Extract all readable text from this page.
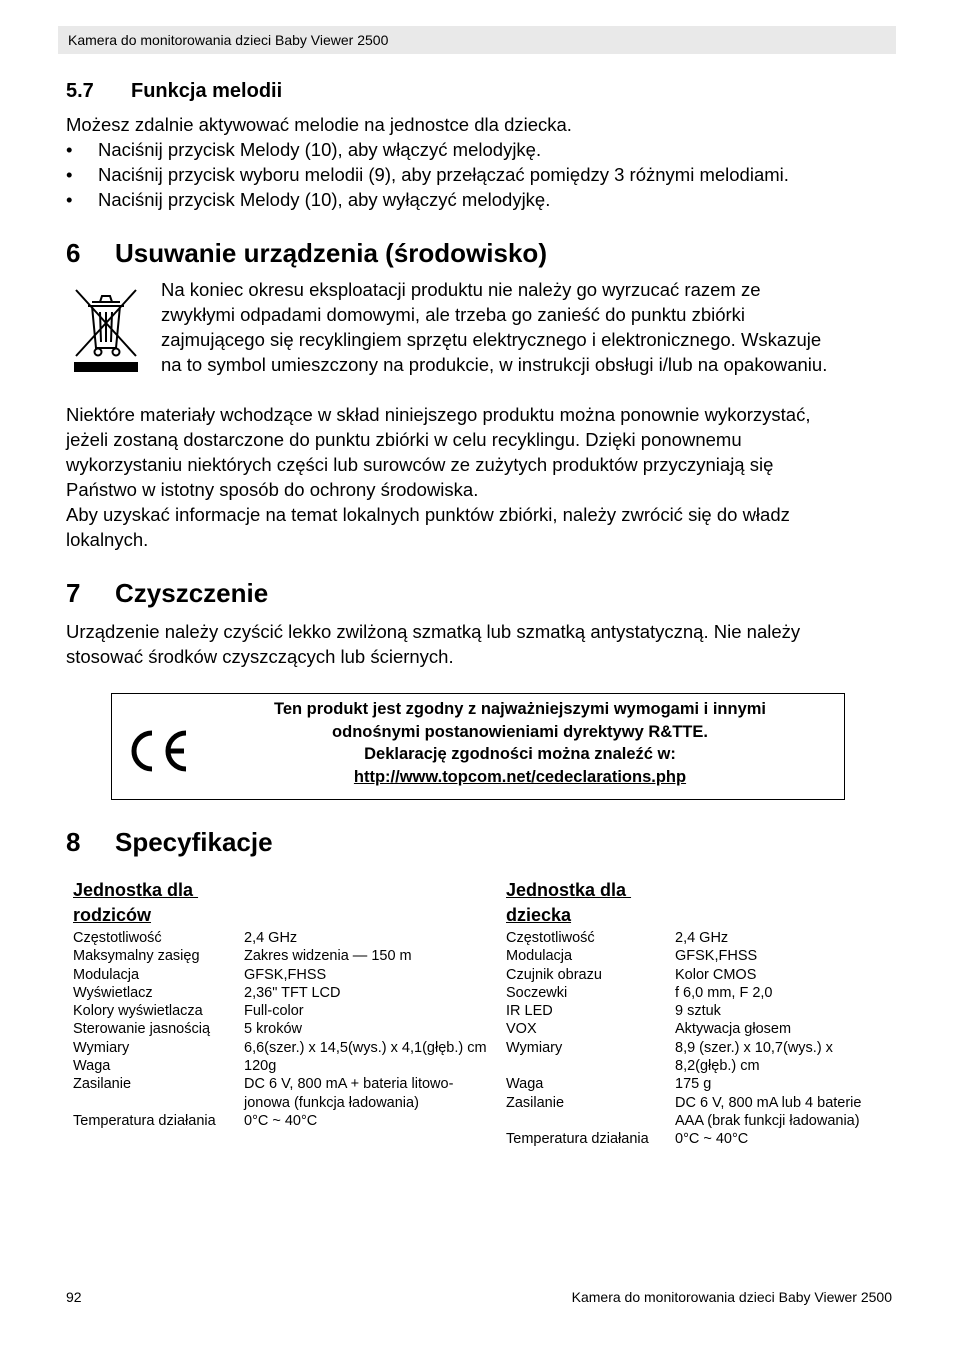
Kamera do monitorowania dzieci Baby Viewer 2500
5.7 Funkcja melodii
Możesz zdalnie aktywować melodie na jednostce dla dziecka.
• Naciśnij przycisk Melody (10), aby włączyć melodyjkę.
• Naciśnij przycisk wyboru melodii (9), aby przełączać pomiędzy 3 różnymi melodiami.
• Naciśnij przycisk Melody (10), aby wyłączyć melodyjkę.
6 Usuwanie urządzenia (środowisko)
Na koniec okresu eksploatacji produktu nie należy go wyrzucać razem ze
zwykłymi odpadami domowymi, ale trzeba go zanieść do punktu zbiórki
zajmującego się recyklingiem sprzętu elektrycznego i elektronicznego. Wskazuje
na to symbol umieszczony na produkcie, w instrukcji obsługi i/lub na opakowaniu.
Niektóre materiały wchodzące w skład niniejszego produktu można ponownie wykorzystać,
jeżeli zostaną dostarczone do punktu zbiórki w celu recyklingu. Dzięki ponownemu
wykorzystaniu niektórych części lub surowców ze zużytych produktów przyczyniają się
Państwo w istotny sposób do ochrony środowiska.
Aby uzyskać informacje na temat lokalnych punktów zbiórki, należy zwrócić się do władz
lokalnych.
7 Czyszczenie
Urządzenie należy czyścić lekko zwilżoną szmatką lub szmatką antystatyczną. Nie należy
stosować środków czyszczących lub ściernych.
Ten produkt jest zgodny z najważniejszymi wymogami i innymi
odnośnymi postanowieniami dyrektywy R&TTE.
Deklarację zgodności można znaleźć w:
http://www.topcom.net/cedeclarations.php
8 Specyfikacje
Jednostka dla
rodziców
Częstotliwość	2,4 GHz
Maksymalny zasięg	Zakres widzenia — 150 m
Modulacja	GFSK,FHSS
Wyświetlacz	2,36" TFT LCD
Kolory wyświetlacza	Full-color
Sterowanie jasnością	5 kroków
Wymiary	6,6(szer.) x 14,5(wys.) x 4,1(głęb.) cm
Waga	120g
Zasilanie	DC 6 V, 800 mA + bateria litowo-jonowa (funkcja ładowania)
Temperatura działania	0°C ~ 40°C
Jednostka dla
dziecka
Częstotliwość	2,4 GHz
Modulacja	GFSK,FHSS
Czujnik obrazu	Kolor CMOS
Soczewki	f 6,0 mm, F 2,0
IR LED	9 sztuk
VOX	Aktywacja głosem
Wymiary	8,9 (szer.) x 10,7(wys.) x 8,2(głęb.) cm
Waga	175 g
Zasilanie	DC 6 V, 800 mA lub 4 baterie AAA (brak funkcji ładowania)
Temperatura działania	0°C ~ 40°C
92	Kamera do monitorowania dzieci Baby Viewer 2500
